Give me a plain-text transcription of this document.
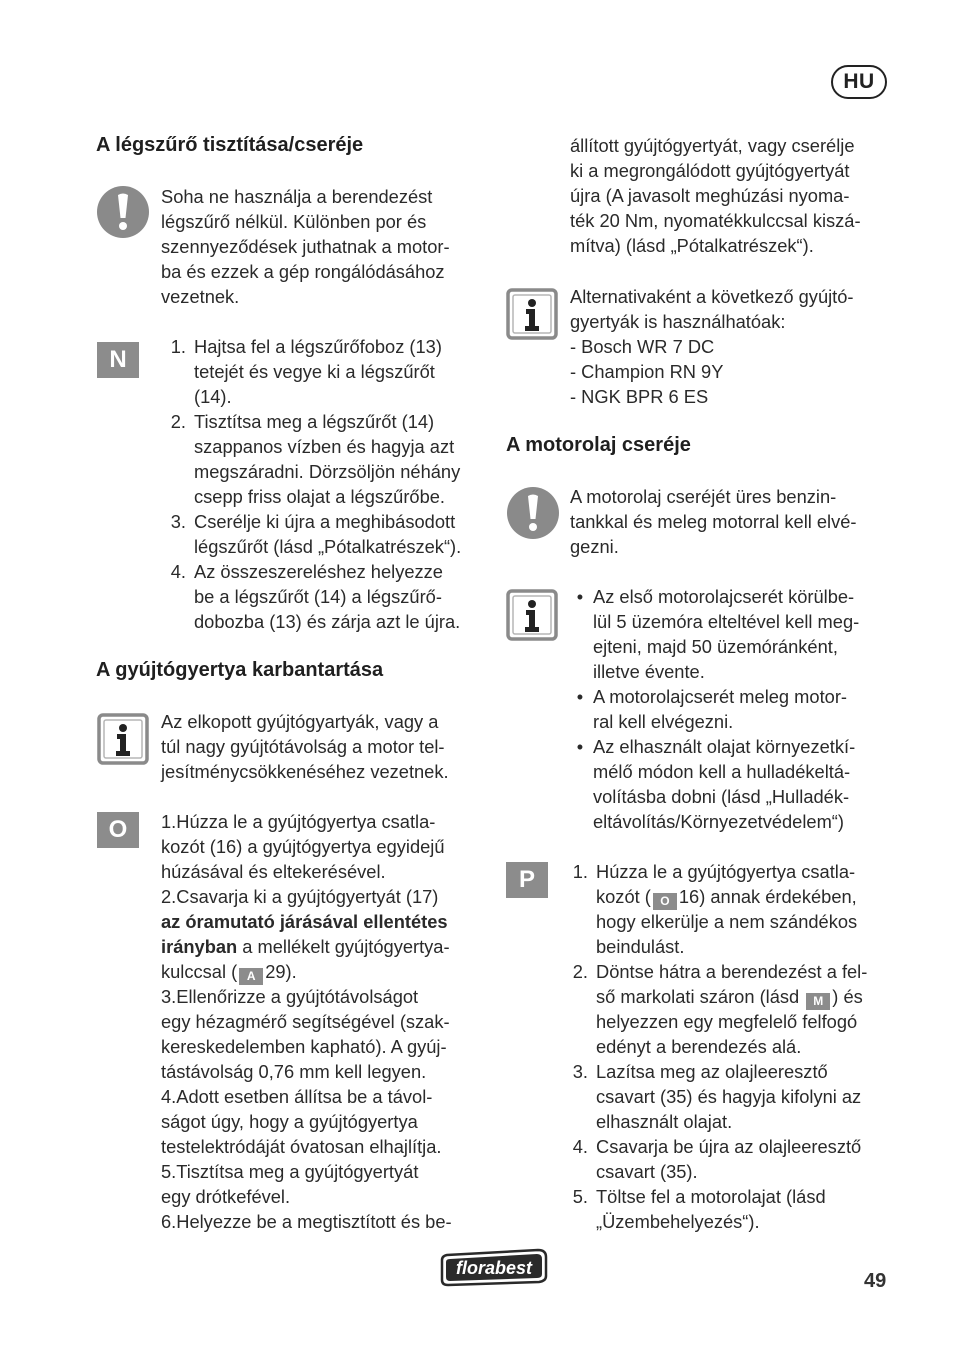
HU
A légszűrő tisztítása/cseréje
Soha ne használja a berendezést
légszűrő nélkül. Különben por és
szennyeződések juthatnak a motor-
ba és ezzek a gép rongálódásához
vezetnek.
N	1. Hajtsa fel a légszűrőfoboz (13)
tetejét és vegye ki a légszűrőt
(14).
2. Tisztítsa meg a légszűrőt (14)
szappanos vízben és hagyja azt
megszáradni. Dörzsöljön néhány
csepp friss olajat a légszűrőbe.
3. Cserélje ki újra a meghibásodott
légszűrőt (lásd „Pótalkatrészek“).
4. Az összeszereléshez helyezze
be a légszűrőt (14) a légszűrő-
dobozba (13) és zárja azt le újra.
A gyújtógyertya karbantartása
Az elkopott gyújtógyartyák, vagy a
túl nagy gyújtótávolság a motor tel-
jesítménycsökkenéséhez vezetnek.
O	1.Húzza le a gyújtógyertya csatla-
kozót (16) a gyújtógyertya egyidejű
húzásával és eltekerésével.
2.Csavarja ki a gyújtógyertyát (17)
az óramutató járásával ellentétes
irányban a mellékelt gyújtógyertya-
kulccsal ( A 29).
3.Ellenőrizze a gyújtótávolságot
egy hézagmérő segítségével (szak-
kereskedelemben kapható). A gyúj-
tástávolság 0,76 mm kell legyen.
4.Adott esetben állítsa be a távol-
ságot úgy, hogy a gyújtógyertya
testelektródáját óvatosan elhajlítja.
5.Tisztítsa meg a gyújtógyertyát
egy drótkefével.
6.Helyezze be a megtisztított és be-
állított gyújtógyertyát, vagy cserélje
ki a megrongálódott gyújtógyertyát
újra (A javasolt meghúzási nyoma-
ték 20 Nm, nyomatékkulccsal kiszá-
mítva) (lásd „Pótalkatrészek“).
Alternativaként a következő gyújtó-
gyertyák is használhatóak:
- Bosch WR 7 DC
- Champion RN 9Y
- NGK BPR 6 ES
A motorolaj cseréje
A motorolaj cseréjét üres benzin-
tankkal és meleg motorral kell elvé-
gezni.
• Az első motorolajcserét körülbe-
lül 5 üzemóra elteltével kell meg-
ejteni, majd 50 üzemóránként,
illetve évente.
• A motorolajcserét meleg motor-
ral kell elvégezni.
• Az elhasznált olajat környezetkí-
mélő módon kell a hulladékeltá-
volításba dobni (lásd „Hulladék-
eltávolítás/Környezetvédelem“)
P	1. Húzza le a gyújtógyertya csatla-
kozót ( O 16) annak érdekében,
hogy elkerülje a nem szándékos
beindulást.
2. Döntse hátra a berendezést a fel-
ső markolati száron (lásd M ) és
helyezzen egy megfelelő felfogó
edényt a berendezés alá.
3. Lazítsa meg az olajleeresztő
csavart (35) és hagyja kifolyni az
elhasznált olajat.
4. Csavarja be újra az olajleeresztő
csavart (35).
5. Töltse fel a motorolajat (lásd
„Üzembehelyezés“).
florabest
49
